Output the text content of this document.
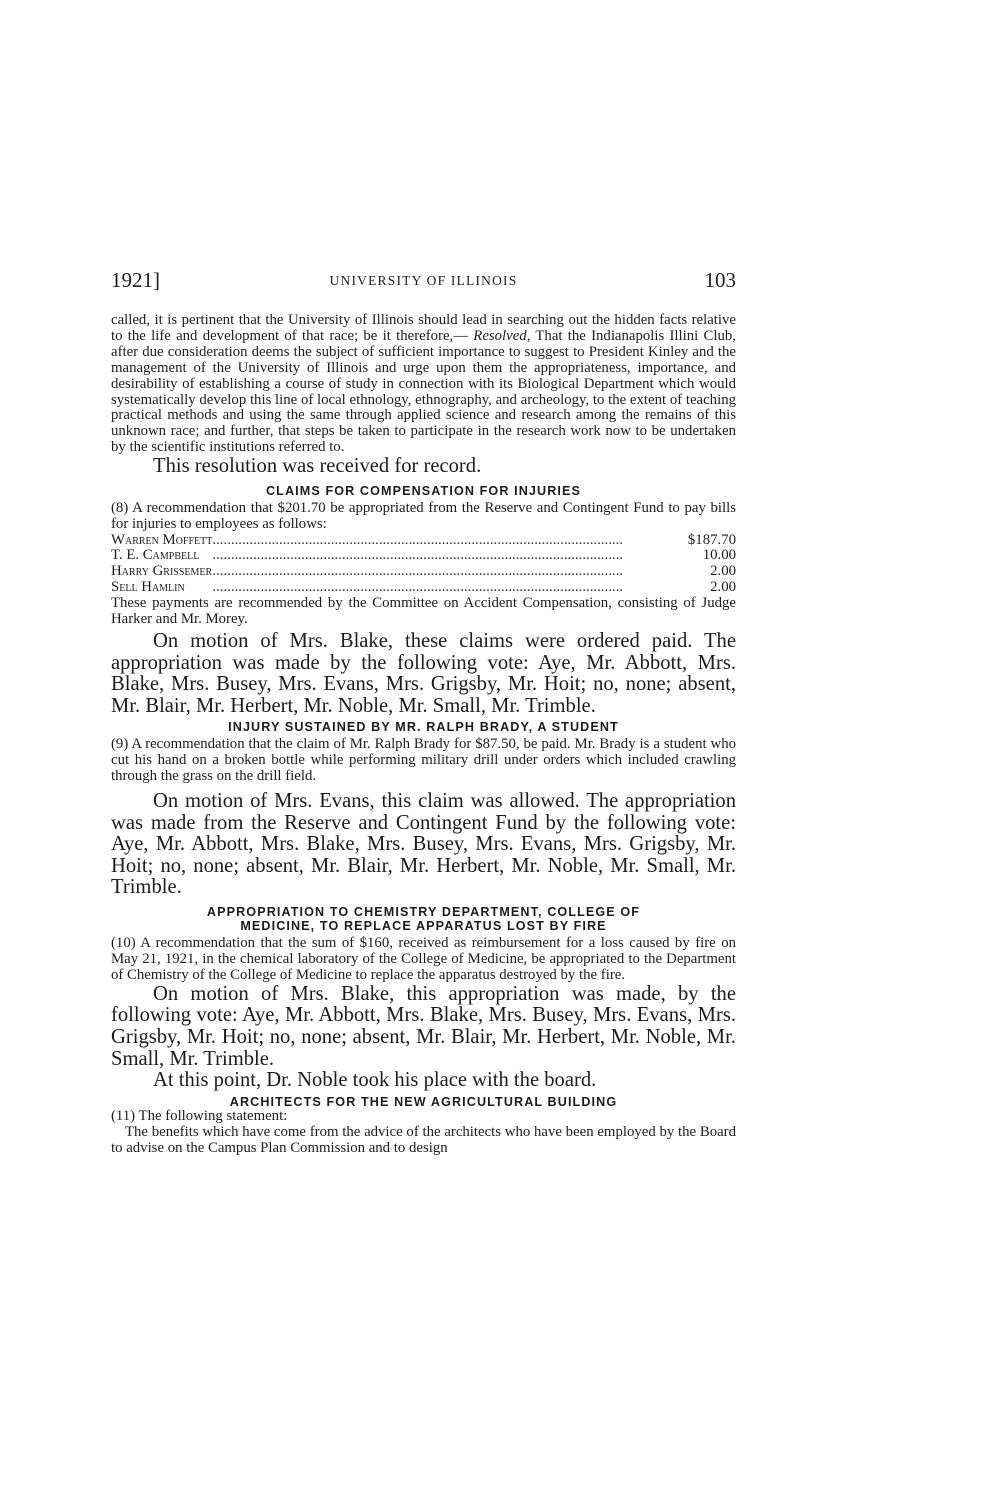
1921]	UNIVERSITY OF ILLINOIS	103

called, it is pertinent that the University of Illinois should lead in searching out the hidden facts relative to the life and development of that race; be it therefore,— Resolved, That the Indianapolis Illini Club, after due consideration deems the subject of sufficient importance to suggest to President Kinley and the management of the University of Illinois and urge upon them the appropriateness, importance, and desirability of establishing a course of study in connection with its Biological Department which would systematically develop this line of local ethnology, ethnography, and archeology, to the extent of teaching practical methods and using the same through applied science and research among the remains of this unknown race; and further, that steps be taken to participate in the research work now to be undertaken by the scientific institutions referred to.

This resolution was received for record.

CLAIMS FOR COMPENSATION FOR INJURIES

(8) A recommendation that $201.70 be appropriated from the Reserve and Contingent Fund to pay bills for injuries to employees as follows:

Warren Moffett	...............................................................................................................	$187.70
T. E. Campbell	...............................................................................................................	10.00
Harry Grissemer	...............................................................................................................	2.00
Sell Hamlin	...............................................................................................................	2.00

These payments are recommended by the Committee on Accident Compensation, consisting of Judge Harker and Mr. Morey.

On motion of Mrs. Blake, these claims were ordered paid. The appropriation was made by the following vote: Aye, Mr. Abbott, Mrs. Blake, Mrs. Busey, Mrs. Evans, Mrs. Grigsby, Mr. Hoit; no, none; absent, Mr. Blair, Mr. Herbert, Mr. Noble, Mr. Small, Mr. Trimble.

INJURY SUSTAINED BY MR. RALPH BRADY, A STUDENT

(9) A recommendation that the claim of Mr. Ralph Brady for $87.50, be paid. Mr. Brady is a student who cut his hand on a broken bottle while performing military drill under orders which included crawling through the grass on the drill field.

On motion of Mrs. Evans, this claim was allowed. The appropriation was made from the Reserve and Contingent Fund by the following vote: Aye, Mr. Abbott, Mrs. Blake, Mrs. Busey, Mrs. Evans, Mrs. Grigsby, Mr. Hoit; no, none; absent, Mr. Blair, Mr. Herbert, Mr. Noble, Mr. Small, Mr. Trimble.

APPROPRIATION TO CHEMISTRY DEPARTMENT, COLLEGE OF
MEDICINE, TO REPLACE APPARATUS LOST BY FIRE

(10) A recommendation that the sum of $160, received as reimbursement for a loss caused by fire on May 21, 1921, in the chemical laboratory of the College of Medicine, be appropriated to the Department of Chemistry of the College of Medicine to replace the apparatus destroyed by the fire.

On motion of Mrs. Blake, this appropriation was made, by the following vote: Aye, Mr. Abbott, Mrs. Blake, Mrs. Busey, Mrs. Evans, Mrs. Grigsby, Mr. Hoit; no, none; absent, Mr. Blair, Mr. Herbert, Mr. Noble, Mr. Small, Mr. Trimble.

At this point, Dr. Noble took his place with the board.

ARCHITECTS FOR THE NEW AGRICULTURAL BUILDING

(11) The following statement:

The benefits which have come from the advice of the architects who have been employed by the Board to advise on the Campus Plan Commission and to design
